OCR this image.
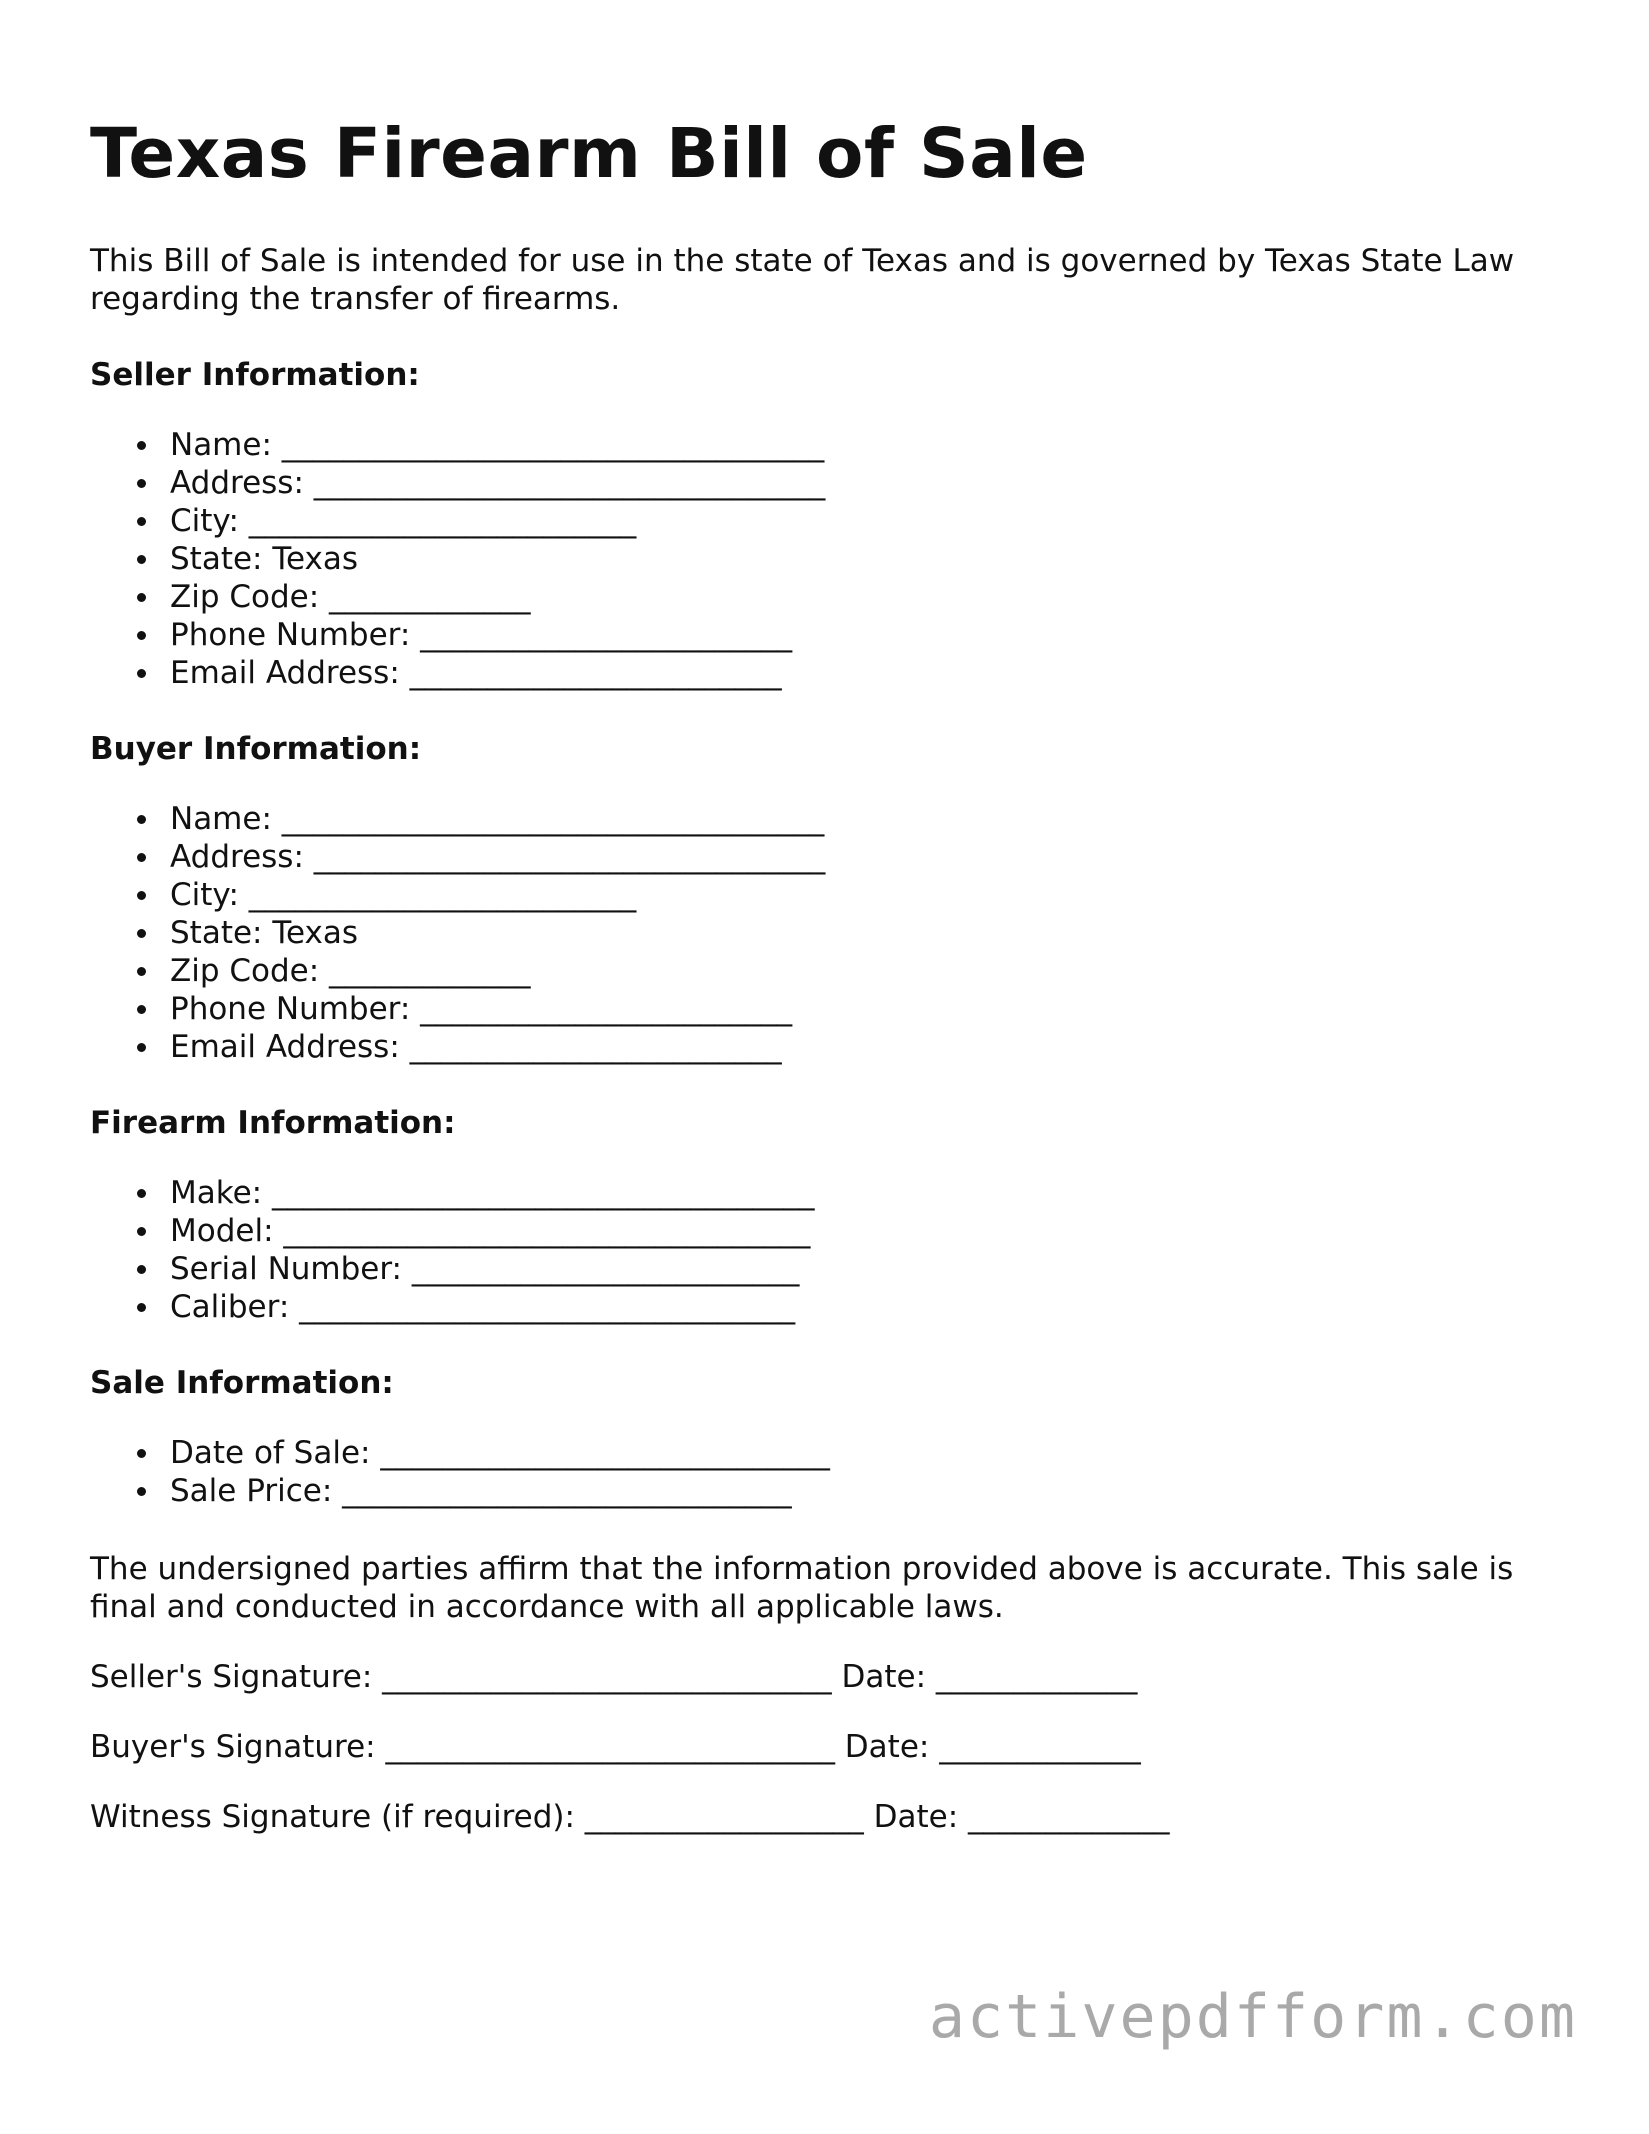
Texas Firearm Bill of Sale

This Bill of Sale is intended for use in the state of Texas and is governed by Texas State Law regarding the transfer of firearms.

Seller Information:
Name: ___________________________________
Address: _________________________________
City: _________________________
State: Texas
Zip Code: _____________
Phone Number: ________________________
Email Address: ________________________
Buyer Information:
Name: ___________________________________
Address: _________________________________
City: _________________________
State: Texas
Zip Code: _____________
Phone Number: ________________________
Email Address: ________________________
Firearm Information:
Make: ___________________________________
Model: __________________________________
Serial Number: _________________________
Caliber: ________________________________
Sale Information:
Date of Sale: _____________________________
Sale Price: _____________________________

The undersigned parties affirm that the information provided above is accurate. This sale is final and conducted in accordance with all applicable laws.

Seller's Signature: _____________________________ Date: _____________
Buyer's Signature: _____________________________ Date: _____________
Witness Signature (if required): __________________ Date: _____________
activepdfform.com
